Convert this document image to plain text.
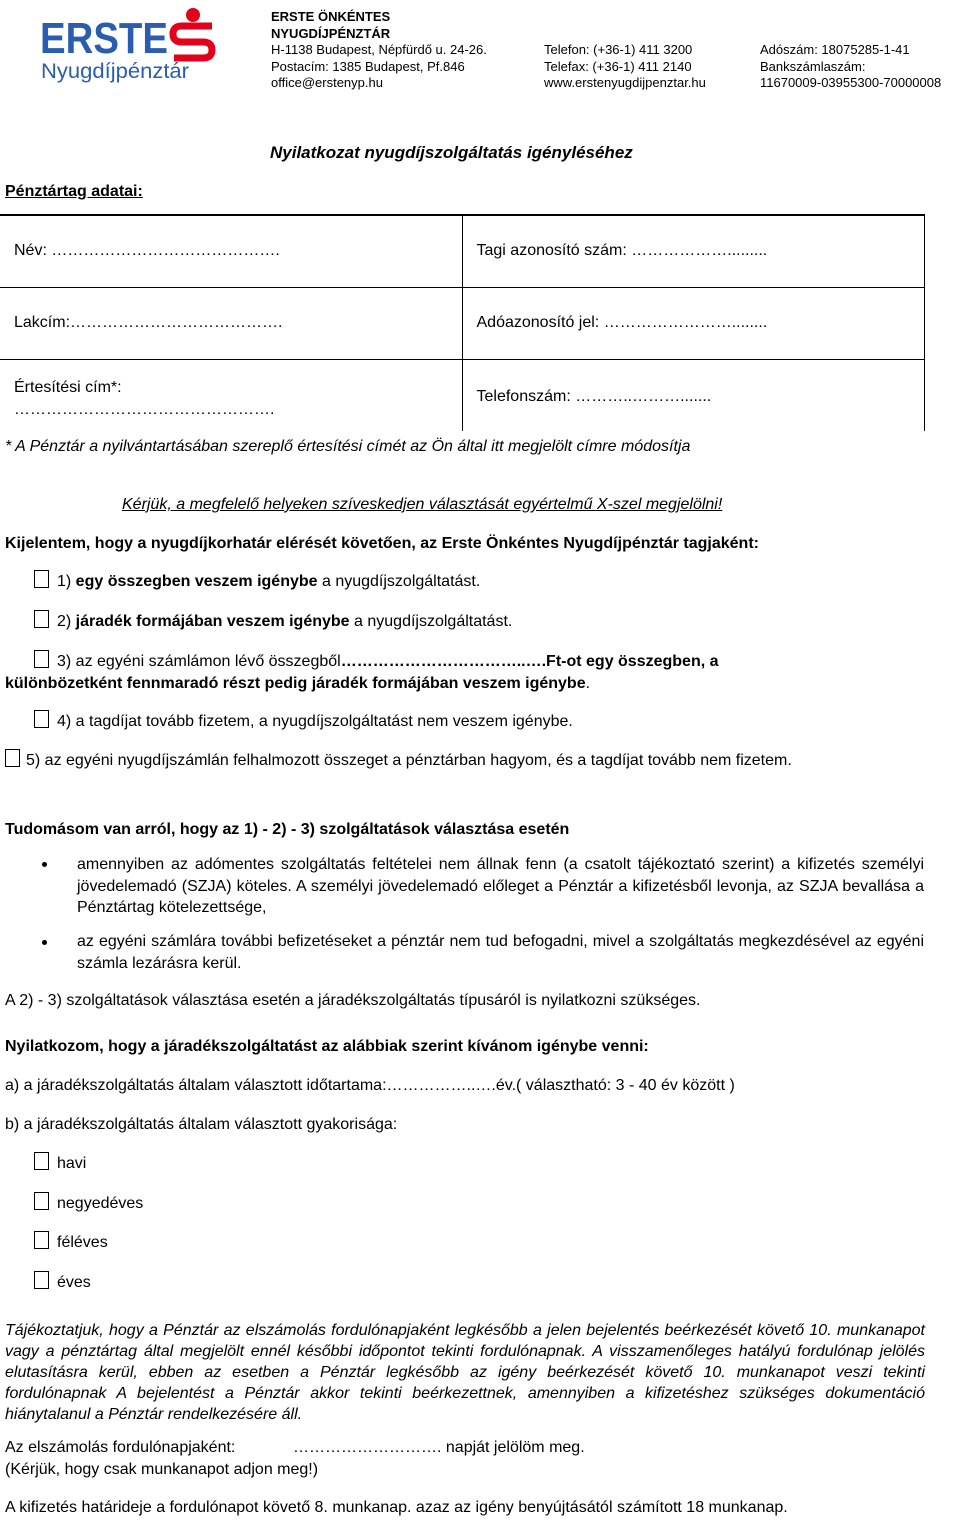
ERSTE
Nyugdíjpénztár
ERSTE ÖNKÉNTES
NYUGDÍJPÉNZTÁR
H-1138 Budapest, Népfürdő u. 24-26.
Postacím: 1385 Budapest, Pf.846
office@erstenyp.hu
Telefon: (+36-1) 411 3200
Telefax: (+36-1) 411 2140
www.erstenyugdijpenztar.hu
Adószám: 18075285-1-41
Bankszámlaszám:
11670009-03955300-70000008
Nyilatkozat nyugdíjszolgáltatás igényléséhez
Pénztártag adatai:
Név: …………………………………….	Tagi azonosító szám: ……………….........
Lakcím:………………………………….	Adóazonosító jel: ……………………........

Értesítési cím*:
………………………………………….	Telefonszám: ………..……….......
* A Pénztár a nyilvántartásában szereplő értesítési címét az Ön által itt megjelölt címre módosítja
Kérjük, a megfelelő helyeken szíveskedjen választását egyértelmű X-szel megjelölni!
Kijelentem, hogy a nyugdíjkorhatár elérését követően, az Erste Önkéntes Nyugdíjpénztár tagjaként:
1) egy összegben veszem igénybe a nyugdíjszolgáltatást.
2) járadék formájában veszem igénybe a nyugdíjszolgáltatást.
3) az egyéni számlámon lévő összegből……………………………..….Ft-ot egy összegben, a
különbözetként fennmaradó részt pedig járadék formájában veszem igénybe.
4) a tagdíjat tovább fizetem, a nyugdíjszolgáltatást nem veszem igénybe.
5) az egyéni nyugdíjszámlán felhalmozott összeget a pénztárban hagyom, és a tagdíjat tovább nem fizetem.
Tudomásom van arról, hogy az 1) - 2) - 3) szolgáltatások választása esetén
amennyiben az adómentes szolgáltatás feltételei nem állnak fenn (a csatolt tájékoztató szerint) a kifizetés személyi jövedelemadó (SZJA) köteles. A személyi jövedelemadó előleget a Pénztár a kifizetésből levonja, az SZJA bevallása a Pénztártag kötelezettsége,
az egyéni számlára további befizetéseket a pénztár nem tud befogadni, mivel a szolgáltatás megkezdésével az egyéni számla lezárásra kerül.
A 2) - 3) szolgáltatások választása esetén a járadékszolgáltatás típusáról is nyilatkozni szükséges.
Nyilatkozom, hogy a járadékszolgáltatást az alábbiak szerint kívánom igénybe venni:
a) a járadékszolgáltatás általam választott időtartama:……………..….év.( választható: 3 - 40 év között )
b) a járadékszolgáltatás általam választott gyakorisága:
havi
negyedéves
féléves
éves
Tájékoztatjuk, hogy a Pénztár az elszámolás fordulónapjaként legkésőbb a jelen bejelentés beérkezését követő 10. munkanapot vagy a pénztártag által megjelölt ennél későbbi időpontot tekinti fordulónapnak. A visszamenőleges hatályú fordulónap jelölés elutasításra kerül, ebben az esetben a Pénztár legkésőbb az igény beérkezését követő 10. munkanapot veszi tekinti fordulónapnak A bejelentést a Pénztár akkor tekinti beérkezettnek, amennyiben a kifizetéshez szükséges dokumentáció hiánytalanul a Pénztár rendelkezésére áll.
Az elszámolás fordulónapjaként:	………………………. napját jelölöm meg.
(Kérjük, hogy csak munkanapot adjon meg!)
A kifizetés határideje a fordulónapot követő 8. munkanap. azaz az igény benyújtásától számított 18 munkanap.
